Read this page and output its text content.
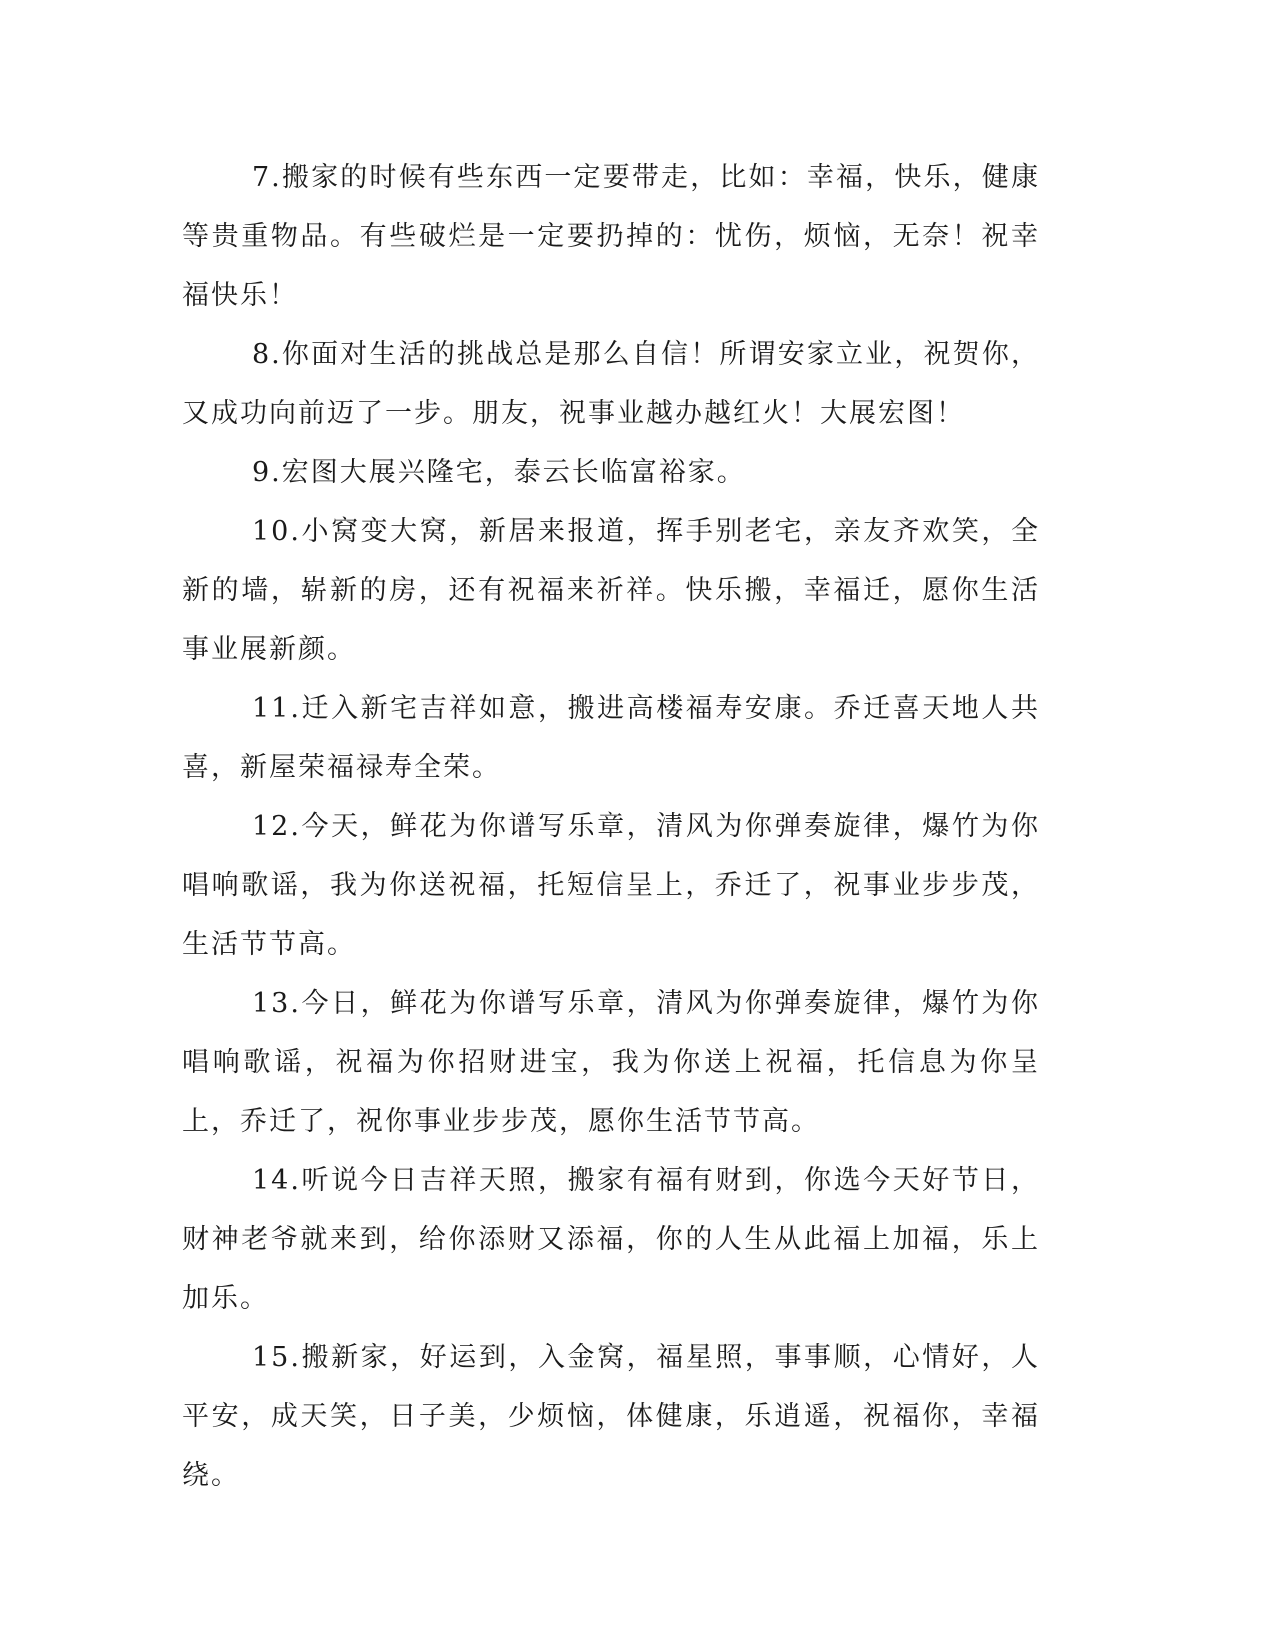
7.搬家的时候有些东西一定要带走，比如：幸福，快乐，健康等贵重物品。有些破烂是一定要扔掉的：忧伤，烦恼，无奈！祝幸福快乐！

8.你面对生活的挑战总是那么自信！所谓安家立业，祝贺你，又成功向前迈了一步。朋友，祝事业越办越红火！大展宏图！

9.宏图大展兴隆宅，泰云长临富裕家。

10.小窝变大窝，新居来报道，挥手别老宅，亲友齐欢笑，全新的墙，崭新的房，还有祝福来祈祥。快乐搬，幸福迁，愿你生活事业展新颜。

11.迁入新宅吉祥如意，搬进高楼福寿安康。乔迁喜天地人共喜，新屋荣福禄寿全荣。

12.今天，鲜花为你谱写乐章，清风为你弹奏旋律，爆竹为你唱响歌谣，我为你送祝福，托短信呈上，乔迁了，祝事业步步茂，生活节节高。

13.今日，鲜花为你谱写乐章，清风为你弹奏旋律，爆竹为你唱响歌谣，祝福为你招财进宝，我为你送上祝福，托信息为你呈上，乔迁了，祝你事业步步茂，愿你生活节节高。

14.听说今日吉祥天照，搬家有福有财到，你选今天好节日，财神老爷就来到，给你添财又添福，你的人生从此福上加福，乐上加乐。

15.搬新家，好运到，入金窝，福星照，事事顺，心情好，人平安，成天笑，日子美，少烦恼，体健康，乐逍遥，祝福你，幸福绕。
